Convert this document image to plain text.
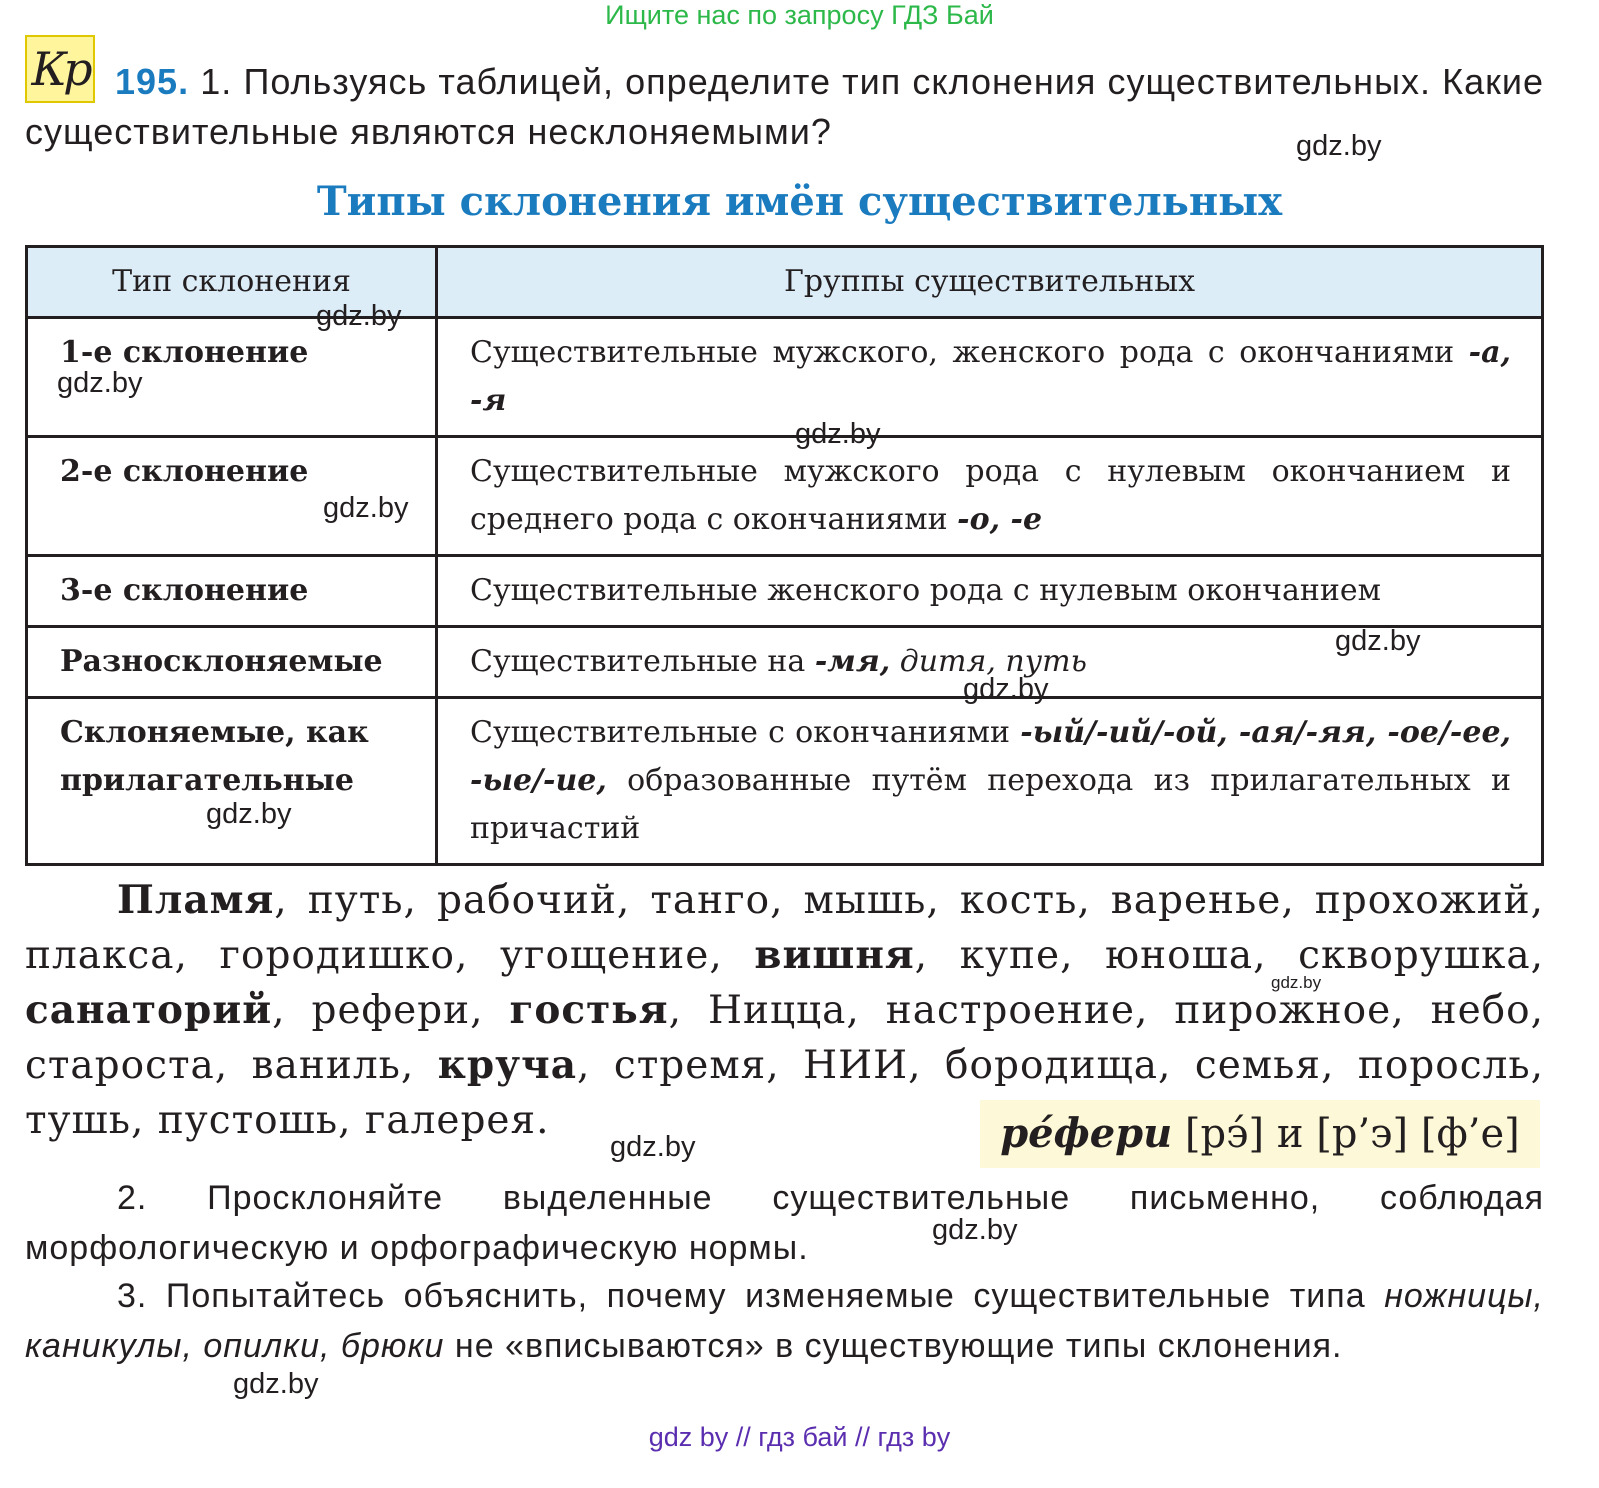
Ищите нас по запросу ГДЗ Бай
Кр 195. 1. Пользуясь таблицей, определите тип склонения существительных. Какие существительные являются несклоняемыми?	gdz.by
Типы склонения имён существительных
Тип склонения	Группы существительных
1-е склонение	Существительные мужского, женского рода с окончаниями -а, -я
2-е склонение	Существительные мужского рода с нулевым окончанием и среднего рода с окончаниями -о, -е
3-е склонение	Существительные женского рода с нулевым окончанием
Разносклоняемые	Существительные на -мя, дитя, путь
Склоняемые, как прилагательные	Существительные с окончаниями -ый/-ий/-ой, -ая/-яя, -ое/-ее, -ые/-ие, образованные путём перехода из прилагательных и причастий
gdz.by
gdz.by
gdz.by
gdz.by
gdz.by
gdz.by
gdz.by
Пламя, путь, рабочий, танго, мышь, кость, варенье, прохожий, плакса, городишко, угощение, вишня, купе, юноша, скворушка, санаторий, рефери, гостья, Ницца, настроение, пирожное, небо, староста, ваниль, круча, стремя, НИИ, бородища, семья, поросль, тушь, пустошь, галерея.
gdz.by
ре́фери [рэ́] и [р’э] [ф’е]
gdz.by
2. Просклоняйте выделенные существительные письменно, соблюдая морфологическую и орфографическую нормы.	gdz.by
3. Попытайтесь объяснить, почему изменяемые существительные типа ножницы, каникулы, опилки, брюки не «вписываются» в существующие типы склонения.
gdz.by
gdz by // гдз бай // гдз by
